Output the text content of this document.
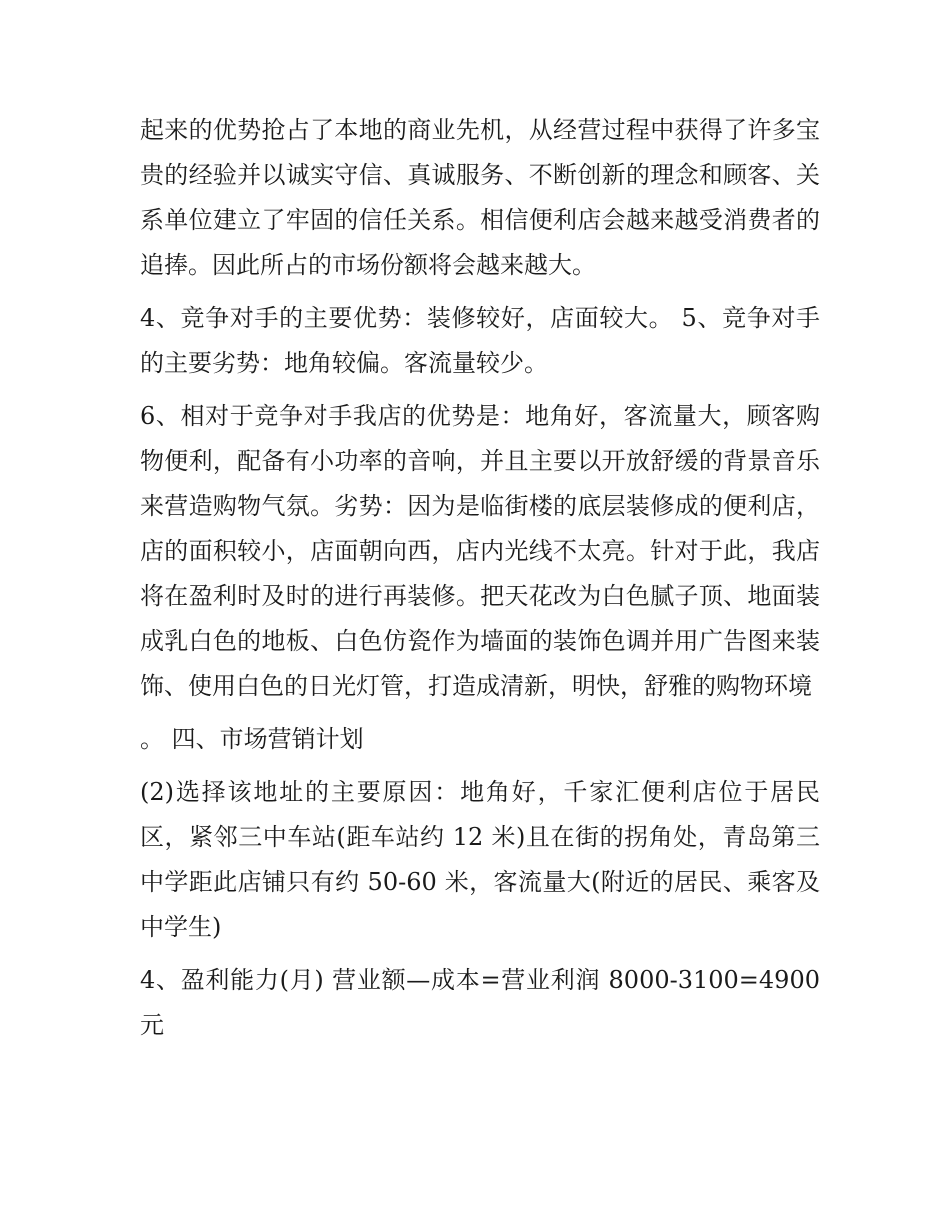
起来的优势抢占了本地的商业先机，从经营过程中获得了许多宝贵的经验并以诚实守信、真诚服务、不断创新的理念和顾客、关系单位建立了牢固的信任关系。相信便利店会越来越受消费者的追捧。因此所占的市场份额将会越来越大。

4、竞争对手的主要优势：装修较好，店面较大。 5、竞争对手的主要劣势：地角较偏。客流量较少。

6、相对于竞争对手我店的优势是：地角好，客流量大，顾客购物便利，配备有小功率的音响，并且主要以开放舒缓的背景音乐来营造购物气氛。劣势：因为是临街楼的底层装修成的便利店，店的面积较小，店面朝向西，店内光线不太亮。针对于此，我店将在盈利时及时的进行再装修。把天花改为白色腻子顶、地面装成乳白色的地板、白色仿瓷作为墙面的装饰色调并用广告图来装饰、使用白色的日光灯管，打造成清新，明快，舒雅的购物环境

。 四、市场营销计划

(2)选择该地址的主要原因：地角好，千家汇便利店位于居民区，紧邻三中车站(距车站约 12 米)且在街的拐角处，青岛第三中学距此店铺只有约 50-60 米，客流量大(附近的居民、乘客及中学生)

4、盈利能力(月) 营业额—成本=营业利润 8000-3100=4900 元
